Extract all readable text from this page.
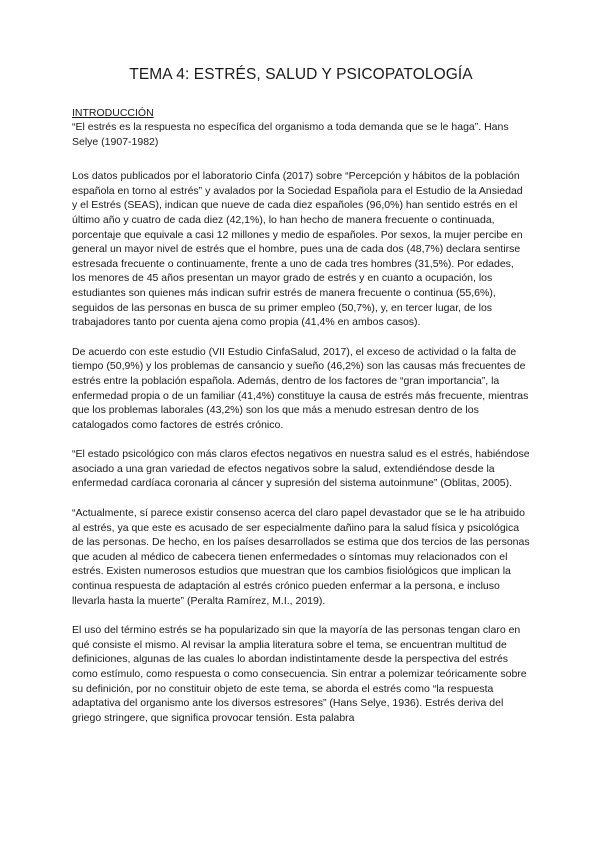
TEMA 4: ESTRÉS, SALUD Y PSICOPATOLOGÍA
INTRODUCCIÓN

“El estrés es la respuesta no específica del organismo a toda demanda que se le haga”. Hans Selye (1907-1982)

Los datos publicados por el laboratorio Cinfa (2017) sobre “Percepción y hábitos de la población española en torno al estrés” y avalados por la Sociedad Española para el Estudio de la Ansiedad y el Estrés (SEAS), indican que nueve de cada diez españoles (96,0%) han sentido estrés en el último año y cuatro de cada diez (42,1%), lo han hecho de manera frecuente o continuada, porcentaje que equivale a casi 12 millones y medio de españoles. Por sexos, la mujer percibe en general un mayor nivel de estrés que el hombre, pues una de cada dos (48,7%) declara sentirse estresada frecuente o continuamente, frente a uno de cada tres hombres (31,5%). Por edades, los menores de 45 años presentan un mayor grado de estrés y en cuanto a ocupación, los estudiantes son quienes más indican sufrir estrés de manera frecuente o continua (55,6%), seguidos de las personas en busca de su primer empleo (50,7%), y, en tercer lugar, de los trabajadores tanto por cuenta ajena como propia (41,4% en ambos casos).

De acuerdo con este estudio (VII Estudio CinfaSalud, 2017), el exceso de actividad o la falta de tiempo (50,9%) y los problemas de cansancio y sueño (46,2%) son las causas más frecuentes de estrés entre la población española. Además, dentro de los factores de “gran importancia”, la enfermedad propia o de un familiar (41,4%) constituye la causa de estrés más frecuente, mientras que los problemas laborales (43,2%) son los que más a menudo estresan dentro de los catalogados como factores de estrés crónico.

“El estado psicológico con más claros efectos negativos en nuestra salud es el estrés, habiéndose asociado a una gran variedad de efectos negativos sobre la salud, extendiéndose desde la enfermedad cardíaca coronaria al cáncer y supresión del sistema autoinmune” (Oblitas, 2005).

“Actualmente, sí parece existir consenso acerca del claro papel devastador que se le ha atribuido al estrés, ya que este es acusado de ser especialmente dañino para la salud física y psicológica de las personas. De hecho, en los países desarrollados se estima que dos tercios de las personas que acuden al médico de cabecera tienen enfermedades o síntomas muy relacionados con el estrés. Existen numerosos estudios que muestran que los cambios fisiológicos que implican la continua respuesta de adaptación al estrés crónico pueden enfermar a la persona, e incluso llevarla hasta la muerte” (Peralta Ramírez, M.I., 2019).

El uso del término estrés se ha popularizado sin que la mayoría de las personas tengan claro en qué consiste el mismo. Al revisar la amplia literatura sobre el tema, se encuentran multitud de definiciones, algunas de las cuales lo abordan indistintamente desde la perspectiva del estrés como estímulo, como respuesta o como consecuencia. Sin entrar a polemizar teóricamente sobre su definición, por no constituir objeto de este tema, se aborda el estrés como “la respuesta adaptativa del organismo ante los diversos estresores” (Hans Selye, 1936). Estrés deriva del griego stringere, que significa provocar tensión. Esta palabra
